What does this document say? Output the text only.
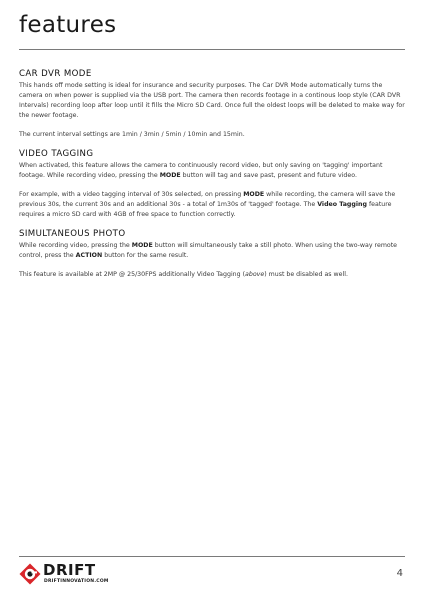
features
CAR DVR MODE

This hands off mode setting is ideal for insurance and security purposes. The Car DVR Mode automatically turns the camera on when power is supplied via the USB port. The camera then records footage in a continous loop style (CAR DVR Intervals) recording loop after loop until it fills the Micro SD Card. Once full the oldest loops will be deleted to make way for the newer footage.

The current interval settings are 1min / 3min / 5min / 10min and 15min.

VIDEO TAGGING

When activated, this feature allows the camera to continuously record video, but only saving on 'tagging' important footage. While recording video, pressing the MODE button will tag and save past, present and future video.

For example, with a video tagging interval of 30s selected, on pressing MODE while recording, the camera will save the previous 30s, the current 30s and an additional 30s - a total of 1m30s of 'tagged' footage. The Video Tagging feature requires a micro SD card with 4GB of free space to function correctly.

SIMULTANEOUS PHOTO

While recording video, pressing the MODE button will simultaneously take a still photo. When using the two-way remote control, press the ACTION button for the same result.

This feature is available at 2MP @ 25/30FPS additionally Video Tagging (above) must be disabled as well.

DRIFT
DRIFTINNOVATION.COM
4
